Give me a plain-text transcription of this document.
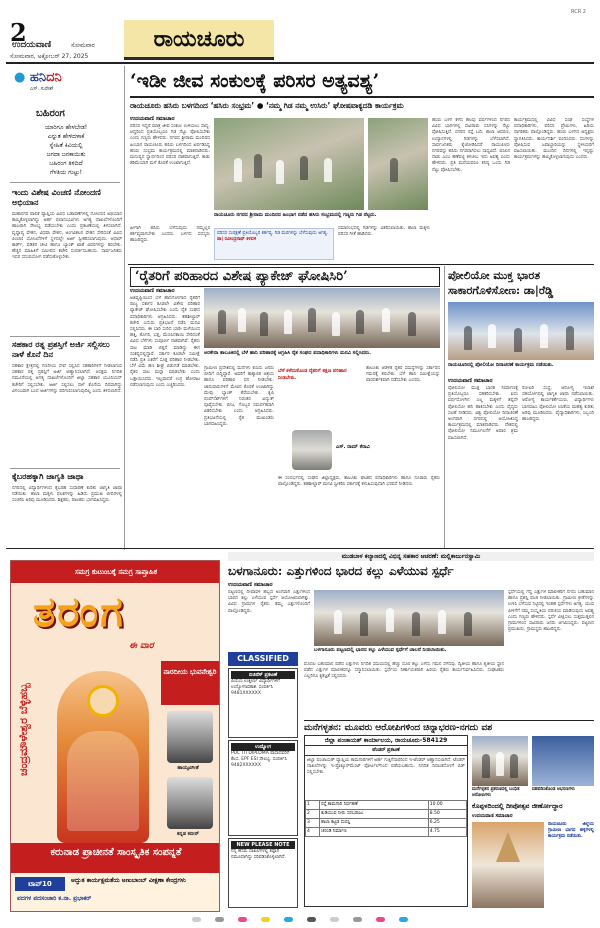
2
ಉದಯವಾಣಿ	ಸೋಮವಾರ
ಸೋಮವಾರ, ಅಕ್ಟೋಬರ್ 27, 2025
ರಾಯಚೂರು
RCR 2
● ಹನಿದನಿ
ಎಸ್. ಸುರೇಶ್
ಬಹಿರಂಗ
ಯಾರಿಗೂ ಹೇಳಬೇಡ!
ಎನ್ನುತ ಹೇಳಿದಳಾಕೆ
ಸ್ನೇಹಿತೆ ಕಿವಿಯಲ್ಲಿ
ಜಗದಾ ಜನಕಾಯಿತು
ಬಹಿರಂಗ ತಿಳಿದಿದೆ
ಗೆಳತಿಯ ಗುಟ್ಟು!
ಇಂದು ವಿಶೇಷ ವಿಂಚಣಿ ನೋಂದಣಿ ಅಭಿಯಾನ
ಮಹಾನಗರ ಪಾಲಿಕೆ ವ್ಯಾಪ್ತಿಯ ವಿವಿಧ ಬಡಾವಣೆಗಳಲ್ಲಿ ನೋಂದಣಿ ಅಭಿಯಾನ ಹಮ್ಮಿಕೊಳ್ಳಲಾಗಿದ್ದು ಅರ್ಹ ಫಲಾನುಭವಿಗಳು ಅಗತ್ಯ ದಾಖಲೆಗಳೊಂದಿಗೆ ಹಾಜರಾಗಿ ಸೌಲಭ್ಯ ಪಡೆಯಬೇಕು ಎಂದು ಪ್ರಕಟಣೆಯಲ್ಲಿ ತಿಳಿಸಲಾಗಿದೆ. ವೃದ್ಧಾಪ್ಯ ವೇತನ, ವಿಧವಾ ವೇತನ, ಅಂಗವಿಕಲರ ವೇತನ ಸೇರಿದಂತೆ ವಿವಿಧ ಪಿಂಚಣಿ ಯೋಜನೆಗಳಿಗೆ ಸ್ಥಳದಲ್ಲೇ ಅರ್ಜಿ ಸ್ವೀಕರಿಸಲಾಗುವುದು. ಆಧಾರ್ ಕಾರ್ಡ್, ಪಡಿತರ ಚೀಟಿ ಹಾಗೂ ಬ್ಯಾಂಕ್ ಖಾತೆ ವಿವರಗಳನ್ನು ತರಬೇಕು. ಹೆಚ್ಚಿನ ಮಾಹಿತಿಗೆ ಸಮೀಪದ ಕಚೇರಿ ಸಂಪರ್ಕಿಸಬಹುದು. ಸಾರ್ವಜನಿಕರು ಇದರ ಸದುಪಯೋಗ ಪಡೆದುಕೊಳ್ಳಬೇಕು.
ಸಹಕಾರ ರತ್ನ ಪ್ರಶಸ್ತಿಗೆ ಅರ್ಜಿ ಸಲ್ಲಿಸಲು ನಾಳೆ ಕೊನೆ ದಿನ
ಸಹಕಾರ ಕ್ಷೇತ್ರದಲ್ಲಿ ಗಣನೀಯ ಸೇವೆ ಸಲ್ಲಿಸಿದ ಸಹಕಾರಿಗಳಿಗೆ ನೀಡಲಾಗುವ ಸಹಕಾರ ರತ್ನ ಪ್ರಶಸ್ತಿಗೆ ಅರ್ಜಿ ಆಹ್ವಾನಿಸಲಾಗಿದೆ. ಆಸಕ್ತರು ನಿಗದಿತ ನಮೂನೆಯಲ್ಲಿ ಅಗತ್ಯ ದಾಖಲೆಗಳೊಂದಿಗೆ ಜಿಲ್ಲಾ ಸಹಕಾರ ಯೂನಿಯನ್ ಕಚೇರಿಗೆ ಸಲ್ಲಿಸಬೇಕು. ಅರ್ಜಿ ಸಲ್ಲಿಸಲು ನಾಳೆ ಕೊನೆಯ ದಿನವಾಗಿದ್ದು ವಿಳಂಬವಾಗಿ ಬಂದ ಅರ್ಜಿಗಳನ್ನು ಪರಿಗಣಿಸಲಾಗುವುದಿಲ್ಲ ಎಂದು ತಿಳಿಸಲಾಗಿದೆ.
ಕೈಬರಹಕ್ಕಾಗಿ ಜಾಗೃತಿ ಜಾಥಾ
ನಗರದಲ್ಲಿ ವಿದ್ಯಾರ್ಥಿಗಳಿಂದ ಕೈಬರಹ ಸುಧಾರಣೆ ಕುರಿತು ಜಾಗೃತಿ ಜಾಥಾ ನಡೆಯಿತು. ಶಾಲಾ ಮಕ್ಕಳು ಫಲಕಗಳನ್ನು ಹಿಡಿದು ಪ್ರಮುಖ ಬೀದಿಗಳಲ್ಲಿ ಸಂಚರಿಸಿ ಅರಿವು ಮೂಡಿಸಿದರು. ಶಿಕ್ಷಕರು, ಪಾಲಕರು ಭಾಗವಹಿಸಿದ್ದರು.
‘ಇಡೀ ಜೀವ ಸಂಕುಲಕ್ಕೆ ಪರಿಸರ ಅತ್ಯವಶ್ಯ’
ರಾಯಚೂರು ಹಸಿರು ಬಳಗದಿಂದ ‘ಹಸಿರು ಸಂಭ್ರಮ’ ● ‘ನಮ್ಮ ಗಿಡ ನಮ್ಮ ಉಸಿರು’ ಘೋಷವಾಕ್ಯದಡಿ ಕಾರ್ಯಕ್ರಮ
ಉದಯವಾಣಿ ಸಮಾಚಾರ
ಪರಿಸರ ಇದ್ದರೆ ಮಾತ್ರ ಜೀವ ಸಂಕುಲ ಉಳಿಯಲು ಸಾಧ್ಯ. ಆದ್ದರಿಂದ ಪ್ರತಿಯೊಬ್ಬರೂ ಗಿಡ ನೆಟ್ಟು ಪೋಷಿಸಬೇಕು ಎಂದು ಗಣ್ಯರು ಹೇಳಿದರು. ನಗರದ ಶ್ರೀರಾಮ ಮಂದಿರದ ಹಿಂಭಾಗ ರಾಯಚೂರು ಹಸಿರು ಬಳಗದಿಂದ ಏರ್ಪಡಿಸಿದ್ದ ಹಸಿರು ಸಂಭ್ರಮ ಕಾರ್ಯಕ್ರಮದಲ್ಲಿ ಮಾತನಾಡಿದರು. ಮನುಷ್ಯನ ಸ್ವಾರ್ಥದಿಂದ ಪರಿಸರ ನಾಶವಾಗುತ್ತಿದೆ. ಕಾಡು ಕಡಿಮೆಯಾಗಿ ಮಳೆ ಕೊರತೆ ಉಂಟಾಗುತ್ತಿದೆ.
ರಾಯಚೂರು ನಗರದ ಶ್ರೀರಾಮ ಮಂದಿರದ ಹಿಂಭಾಗ ನಡೆದ ಹಸಿರು ಸಂಭ್ರಮದಲ್ಲಿ ಗಣ್ಯರು ಗಿಡ ನೆಟ್ಟರು.
ಪರಿಸರ ಸಂರಕ್ಷಣೆ ಪ್ರತಿಯೊಬ್ಬರ ಕರ್ತವ್ಯ. ಗಿಡ ಮರಗಳನ್ನು ಬೆಳೆಸುವುದು ಅಗತ್ಯ.
ಡಾ| ರವೀಂದ್ರನಾಥ್ ಕಳವಳಿ
ಹೀಗಾಗಿ ಹಸಿರು ಬೆಳೆಸುವುದು ನಮ್ಮೆಲ್ಲರ ಕರ್ತವ್ಯವಾಗಬೇಕು ಎಂದರು. ಬಳಗದ ಸದಸ್ಯರು ಹಾಜರಿದ್ದರು.
ಸಮಾರಂಭದಲ್ಲಿ ಗಿಡಗಳನ್ನು ವಿತರಿಸಲಾಯಿತು. ಶಾಲಾ ಮಕ್ಕಳು ಪರಿಸರ ಗೀತೆ ಹಾಡಿದರು.
ಹಸಿರು ಬಳಗ ಕಳೆದ ಹಲವು ವರ್ಷಗಳಿಂದ ನಗರದ ವಿವಿಧ ಭಾಗಗಳಲ್ಲಿ ಸಾವಿರಾರು ಸಸಿಗಳನ್ನು ನೆಟ್ಟು ಪೋಷಿಸುತ್ತಿದೆ. ನಗರದ ರಸ್ತೆ ಬದಿ, ಶಾಲಾ ಆವರಣ, ಉದ್ಯಾನಗಳಲ್ಲಿ ಗಿಡಗಳನ್ನು ಬೆಳೆಸಲಾಗಿದೆ. ಸಾರ್ವಜನಿಕರು ಕೈಜೋಡಿಸಿದರೆ ರಾಯಚೂರು ನಗರವನ್ನು ಹಸಿರು ನಗರವಾಗಿಸಲು ಸಾಧ್ಯವಿದೆ. ಬಿಸಿಲಿನ ನಾಡು ಎಂಬ ಹಣೆಪಟ್ಟಿ ಕಳಚಲು ಇದು ಅವಶ್ಯ ಎಂದು ಹೇಳಿದರು. ಪ್ರತಿ ಮನೆಯವರೂ ಕನಿಷ್ಠ ಒಂದು ಗಿಡ ನೆಟ್ಟು ಪೋಷಿಸಬೇಕು.
ಕಾರ್ಯಕ್ರಮದಲ್ಲಿ ವಿವಿಧ ಸಂಘ ಸಂಸ್ಥೆಗಳ ಪದಾಧಿಕಾರಿಗಳು, ಪರಿಸರ ಪ್ರೇಮಿಗಳು, ಹಿರಿಯ ನಾಗರಿಕರು ಪಾಲ್ಗೊಂಡಿದ್ದರು. ಹಸಿರು ಬಳಗದ ಅಧ್ಯಕ್ಷರು ಸ್ವಾಗತಿಸಿದರು. ಕಾರ್ಯದರ್ಶಿ ವಂದಿಸಿದರು. ಸಸಿಗಳನ್ನು ಪೋಷಿಸುವ ಜವಾಬ್ದಾರಿಯನ್ನು ಸ್ಥಳೀಯರಿಗೆ ವಹಿಸಲಾಯಿತು. ಮುಂದಿನ ದಿನಗಳಲ್ಲಿ ಇನ್ನಷ್ಟು ಕಾರ್ಯಕ್ರಮಗಳನ್ನು ಹಮ್ಮಿಕೊಳ್ಳಲಾಗುವುದು ಎಂದರು.
‘ರೈತರಿಗೆ ಪರಿಹಾರದ ವಿಶೇಷ ಪ್ಯಾಕೇಜ್ ಘೋಷಿಸಿರಿ’
ಉದಯವಾಣಿ ಸಮಾಚಾರ
ಅತಿವೃಷ್ಟಿಯಿಂದ ಬೆಳೆ ಹಾನಿಗೊಳಗಾದ ರೈತರಿಗೆ ರಾಜ್ಯ ಸರ್ಕಾರ ಕೂಡಲೇ ವಿಶೇಷ ಪರಿಹಾರ ಪ್ಯಾಕೇಜ್ ಘೋಷಿಸಬೇಕು ಎಂದು ರೈತ ಸಂಘದ ಪದಾಧಿಕಾರಿಗಳು ಆಗ್ರಹಿಸಿದರು. ತಹಶೀಲ್ದಾರ್ ಕಚೇರಿ ಎದುರು ಪ್ರತಿಭಟನೆ ನಡೆಸಿ ಮನವಿ ಸಲ್ಲಿಸಿದರು. ಈ ಬಾರಿ ಸುರಿದ ಭಾರೀ ಮಳೆಯಿಂದ ಹತ್ತಿ, ತೊಗರಿ, ಭತ್ತ, ಮೆಣಸಿನಕಾಯಿ ಸೇರಿದಂತೆ ವಿವಿಧ ಬೆಳೆಗಳು ಸಂಪೂರ್ಣ ನಾಶವಾಗಿವೆ. ರೈತರು ಸಾಲ ಮಾಡಿ ಬಿತ್ತನೆ ಮಾಡಿದ್ದು ಈಗ ಸಂಕಷ್ಟದಲ್ಲಿದ್ದಾರೆ. ಸರ್ಕಾರ ಕೂಡಲೇ ಸಮೀಕ್ಷೆ ನಡೆಸಿ ಪ್ರತಿ ಎಕರೆಗೆ ಸೂಕ್ತ ಪರಿಹಾರ ನೀಡಬೇಕು. ಬೆಳೆ ವಿಮೆ ಹಣ ಶೀಘ್ರ ಬಿಡುಗಡೆ ಮಾಡಬೇಕು. ರೈತರ ಸಾಲ ಮನ್ನಾ ಮಾಡಬೇಕು ಎಂದು ಒತ್ತಾಯಿಸಿದರು. ಇಲ್ಲವಾದರೆ ಉಗ್ರ ಹೋರಾಟ ನಡೆಸಲಾಗುವುದು ಎಂದು ಎಚ್ಚರಿಸಿದರು.
ಅರಕೇರಾ ತಾಲೂಕಿನಲ್ಲಿ ಬೆಳೆ ಹಾನಿ ಪರಿಹಾರಕ್ಕೆ ಆಗ್ರಹಿಸಿ ರೈತ ಸಂಘದ ಪದಾಧಿಕಾರಿಗಳು ಮನವಿ ಸಲ್ಲಿಸಿದರು.
ಗ್ರಾಮೀಣ ಪ್ರದೇಶದಲ್ಲಿ ಮನೆಗಳು ಕುಸಿದು ಜನರು ಬೀದಿಗೆ ಬಿದ್ದಿದ್ದಾರೆ. ಅವರಿಗೆ ತಾತ್ಕಾಲಿಕ ಆಶ್ರಯ ಹಾಗೂ ಪರಿಹಾರ ಧನ ನೀಡಬೇಕು. ಜಾನುವಾರುಗಳಿಗೆ ಮೇವಿನ ಕೊರತೆ ಉಂಟಾಗಿದ್ದು ಮೇವು ಬ್ಯಾಂಕ್ ತೆರೆಯಬೇಕು. ಕೃಷಿ ಪಂಪ್‌ಸೆಟ್‌ಗಳಿಗೆ ನಿರಂತರ ವಿದ್ಯುತ್ ಪೂರೈಸಬೇಕು. ಬೀಜ, ಗೊಬ್ಬರ ಸಮರ್ಪಕವಾಗಿ ವಿತರಿಸಬೇಕು ಎಂದು ಆಗ್ರಹಿಸಿದರು. ಪ್ರತಿಭಟನೆಯಲ್ಲಿ ರೈತ ಮುಖಂಡರು ಭಾಗವಹಿಸಿದ್ದರು.
ಬೆಳೆ ಕಳೆದುಕೊಂಡ ರೈತರಿಗೆ ತಕ್ಷಣ ಪರಿಹಾರ ನೀಡಬೇಕು.
ಎಸ್. ರಾಮ್ ಕೆರಾವಿ
ತಾಲೂಕು ಆಡಳಿತ ರೈತರ ಸಮಸ್ಯೆಗಳನ್ನು ಸರ್ಕಾರದ ಗಮನಕ್ಕೆ ತರಬೇಕು. ಬೆಳೆ ಹಾನಿ ಸಮೀಕ್ಷೆಯನ್ನು ಪಾರದರ್ಶಕವಾಗಿ ನಡೆಸಬೇಕು ಎಂದರು.
ಈ ಸಂದರ್ಭದಲ್ಲಿ ಸಂಘದ ಜಿಲ್ಲಾಧ್ಯಕ್ಷರು, ತಾಲೂಕು ಘಟಕದ ಪದಾಧಿಕಾರಿಗಳು ಹಾಗೂ ನೂರಾರು ರೈತರು ಪಾಲ್ಗೊಂಡಿದ್ದರು. ತಹಶೀಲ್ದಾರ್ ಮನವಿ ಸ್ವೀಕರಿಸಿ ಸರ್ಕಾರಕ್ಕೆ ಕಳುಹಿಸುವುದಾಗಿ ಭರವಸೆ ನೀಡಿದರು.
ಪೋಲಿಯೋ ಮುಕ್ತ ಭಾರತ ಸಾಕಾರಗೊಳಿಸೋಣ: ಡಾ|ರೆಡ್ಡಿ
ರಾಯಚೂರಿನಲ್ಲಿ ಪೋಲಿಯೋ ದಿನಾಚರಣೆ ಕಾರ್ಯಕ್ರಮ ನಡೆಯಿತು.
ಉದಯವಾಣಿ ಸಮಾಚಾರ
ಪೋಲಿಯೋ ಮುಕ್ತ ಭಾರತ ನಿರ್ಮಾಣಕ್ಕೆ ಪ್ರತಿಯೊಬ್ಬರೂ ಸಹಕರಿಸಬೇಕು. ಐದು ವರ್ಷದೊಳಗಿನ ಎಲ್ಲ ಮಕ್ಕಳಿಗೆ ತಪ್ಪದೇ ಪೋಲಿಯೋ ಹನಿ ಹಾಕಿಸಬೇಕು ಎಂದು ವೈದ್ಯರು ಸಲಹೆ ನೀಡಿದರು. ವಿಶ್ವ ಪೋಲಿಯೋ ದಿನಾಚರಣೆ ಅಂಗವಾಗಿ ನಗರದಲ್ಲಿ ಆಯೋಜಿಸಿದ್ದ ಕಾರ್ಯಕ್ರಮದಲ್ಲಿ ಮಾತನಾಡಿದರು. ದೇಶದಲ್ಲಿ ಪೋಲಿಯೋ ನಿರ್ಮೂಲನೆಗೆ ಅಪಾರ ಶ್ರಮ ವಹಿಸಲಾಗಿದೆ.
ರೋಟರಿ ಸಂಸ್ಥೆ, ಆರೋಗ್ಯ ಇಲಾಖೆ ಸಹಯೋಗದಲ್ಲಿ ಜಾಗೃತಿ ಜಾಥಾ ನಡೆಸಲಾಯಿತು. ಆರೋಗ್ಯ ಕಾರ್ಯಕರ್ತೆಯರು, ವಿದ್ಯಾರ್ಥಿಗಳು ಭಾಗವಹಿಸಿ ಪೋಲಿಯೋ ಲಸಿಕೆಯ ಮಹತ್ವ ಕುರಿತು ಅರಿವು ಮೂಡಿಸಿದರು. ವೈದ್ಯಾಧಿಕಾರಿಗಳು, ಸಿಬ್ಬಂದಿ ಹಾಜರಿದ್ದರು.
ಮುಡಬಾಳ ಕಲ್ಯಾಣದಲ್ಲಿ ವಿಭಿನ್ನ ಸಹಕಾರ ಆಚರಣೆ: ಮಲ್ಲಿಕಾರ್ಜುನಸ್ವಾಮಿ
ಬಳಗಾನೂರು: ಎತ್ತುಗಳಿಂದ ಭಾರದ ಕಲ್ಲು ಎಳೆಯುವ ಸ್ಪರ್ಧೆ
ಉದಯವಾಣಿ ಸಮಾಚಾರ
ಪಟ್ಟಣದಲ್ಲಿ ದೀಪಾವಳಿ ಹಬ್ಬದ ಅಂಗವಾಗಿ ಎತ್ತುಗಳಿಂದ ಭಾರದ ಕಲ್ಲು ಎಳೆಯುವ ಸ್ಪರ್ಧೆ ಆಯೋಜಿಸಲಾಗಿತ್ತು. ವಿವಿಧ ಗ್ರಾಮಗಳ ರೈತರು ತಮ್ಮ ಎತ್ತುಗಳೊಂದಿಗೆ ಪಾಲ್ಗೊಂಡಿದ್ದರು.
ಸ್ಪರ್ಧೆಯಲ್ಲಿ ಗೆದ್ದ ಎತ್ತುಗಳ ಮಾಲೀಕರಿಗೆ ನಗದು ಬಹುಮಾನ ಹಾಗೂ ಪ್ರಶಸ್ತಿ ಫಲಕ ನೀಡಲಾಯಿತು. ಗ್ರಾಮೀಣ ಕ್ರೀಡೆಗಳನ್ನು ಉಳಿಸಿ ಬೆಳೆಸುವ ನಿಟ್ಟಿನಲ್ಲಿ ಇಂತಹ ಸ್ಪರ್ಧೆಗಳು ಅಗತ್ಯ. ಯುವ ಪೀಳಿಗೆಗೆ ನಮ್ಮ ಸಂಸ್ಕೃತಿಯ ಪರಿಚಯ ಮಾಡಿಸುವುದು ಅವಶ್ಯ ಎಂದು ಗಣ್ಯರು ಹೇಳಿದರು. ಸ್ಪರ್ಧೆ ವೀಕ್ಷಿಸಲು ಸುತ್ತಮುತ್ತಲಿನ ಗ್ರಾಮಗಳಿಂದ ಸಾವಿರಾರು ಜನರು ಆಗಮಿಸಿದ್ದರು. ಪಟ್ಟಣದ ಪ್ರಮುಖರು, ಗ್ರಾಮಸ್ಥರು ಹಾಜರಿದ್ದರು.
ಬಳಗಾನೂರು ಪಟ್ಟಣದಲ್ಲಿ ಭಾರದ ಕಲ್ಲು ಎಳೆಯುವ ಸ್ಪರ್ಧೆಗೆ ಚಾಲನೆ ನೀಡಲಾಯಿತು.
ಮೊದಲ ಬಹುಮಾನ ಪಡೆದ ಎತ್ತುಗಳು ನಿಗದಿತ ಸಮಯದಲ್ಲಿ ಹೆಚ್ಚು ದೂರ ಕಲ್ಲು ಎಳೆದು ಗಮನ ಸೆಳೆದವು. ದ್ವಿತೀಯ ಹಾಗೂ ತೃತೀಯ ಸ್ಥಾನ ಪಡೆದ ಎತ್ತುಗಳ ಮಾಲೀಕರನ್ನೂ ಸನ್ಮಾನಿಸಲಾಯಿತು. ಸ್ಪರ್ಧೆಯ ನಿರ್ಣಾಯಕರಾಗಿ ಹಿರಿಯ ರೈತರು ಕಾರ್ಯನಿರ್ವಹಿಸಿದರು. ಸಂಘಟಕರು ಎಲ್ಲರಿಗೂ ಕೃತಜ್ಞತೆ ಸಲ್ಲಿಸಿದರು.
ಮನೆಗಳ್ಳತನ: ಮೂವರು ಆರೋಪಿಗಳಿಂದ ಚಿನ್ನಾಭರಣ-ನಗದು ವಶ
CLASSIFIED
ಬಿಜಿನೆಸ್ ಪ್ರಕಟಣೆ
ಪಿಯುಸಿ ಉತ್ತೀರ್ಣ ವಿದ್ಯಾರ್ಥಿಗಳಿಗೆ ಉದ್ಯೋಗಾವಕಾಶ. ಸಂಪರ್ಕಿಸಿ 9481XXXXXX
ಉದ್ಯೋಗ
PUC ITI DIPLOMA ಪಾಸಾದವರಿಗೆ ಕೆಲಸ. EPF ESI ಸೌಲಭ್ಯ. ಸಂಪರ್ಕಿಸಿ 9482XXXXXX
NEW PLEASE NOTE
ನನ್ನ ಹೆಸರು ದಾಖಲೆಗಳಲ್ಲಿ ತಪ್ಪಾಗಿ ನಮೂದಾಗಿದ್ದು ಸರಿಪಡಿಸಿಕೊಳ್ಳಲಾಗಿದೆ.
ಜಿಲ್ಲಾ ಪಂಚಾಯತ್ ಕಾರ್ಯಾಲಯ, ರಾಯಚೂರು-584129
ಟೆಂಡರ್ ಪ್ರಕಟಣೆ
ಜಿಲ್ಲಾ ಪಂಚಾಯತ್ ವ್ಯಾಪ್ತಿಯ ಕಾಮಗಾರಿಗಳಿಗೆ ಅರ್ಹ ಗುತ್ತಿಗೆದಾರರಿಂದ ಇ-ಟೆಂಡರ್ ಆಹ್ವಾನಿಸಲಾಗಿದೆ. ಟೆಂಡರ್ ದಾಖಲೆಗಳನ್ನು ಇ-ಪ್ರೊಕ್ಯೂರ್‌ಮೆಂಟ್ ಪೋರ್ಟಲ್‌ನಿಂದ ಪಡೆಯಬಹುದು. ನಿಗದಿತ ದಿನಾಂಕದೊಳಗೆ ಬಿಡ್ ಸಲ್ಲಿಸಬೇಕು.
1	ರಸ್ತೆ ಕಾಮಗಾರಿ ನಿರ್ವಹಣೆ	10.00
2	ಕುಡಿಯುವ ನೀರು ಸರಬರಾಜು	8.50
3	ಶಾಲಾ ಕಟ್ಟಡ ದುರಸ್ತಿ	6.25
4	ಚರಂಡಿ ನಿರ್ಮಾಣ	4.75
ಮನೆಗಳ್ಳತನ ಪ್ರಕರಣದಲ್ಲಿ ಬಂಧಿತ ಆರೋಪಿಗಳು
ವಶಪಡಿಸಿಕೊಂಡ ಆಭರಣಗಳು
ಕೊಪ್ಪಳದಿಂದಲ್ಲಿ ದೀಪೋತ್ಸವ ಜೀರ್ಣೋದ್ಧಾರ
ಉದಯವಾಣಿ ಸಮಾಚಾರ
ರಾಯಚೂರು ಜಿಲ್ಲೆಯ ಗ್ರಾಮೀಣ ಭಾಗದ ಹಳ್ಳಿಗಳಲ್ಲಿ ಕಾರ್ಯಕ್ರಮ ನಡೆಯಿತು.
ಸಮಗ್ರ ಕುಟುಂಬಕ್ಕೆ ಸಮಗ್ರ ಸಾಪ್ತಾಹಿಕ
ತರಂಗ
ಈ ವಾರ
ಚಂದ್ರಮೌಳೇಶ್ವರ ಬೆಳ್ಳಿಹಬ್ಬ
ನಾರದೀಯ ಭುವನೇಶ್ವರಿ
ಹಾಯ್ಕಟಿಗೀತೆ
ಕನ್ನಡ ಕಬೀರ್
ಕರುನಾಡ ಪ್ರಾಚೀನತೆ ಸಾಂಸ್ಕೃತಿಕ ಸಂಪನ್ನತೆ
ಟಾಪ್10	ಅದ್ಭುತ ಕಾರ್ಯಕ್ಷಮತೆಯ ಅಣುಬಾಂಬ್ ವೀಕ್ಷಣಾ ಕೇಂದ್ರಗಳು
ಪದಗಳ ಪದಸಂಚಾರಿ ಕ.ನಾ. ಪ್ರಭಾಕರ್
